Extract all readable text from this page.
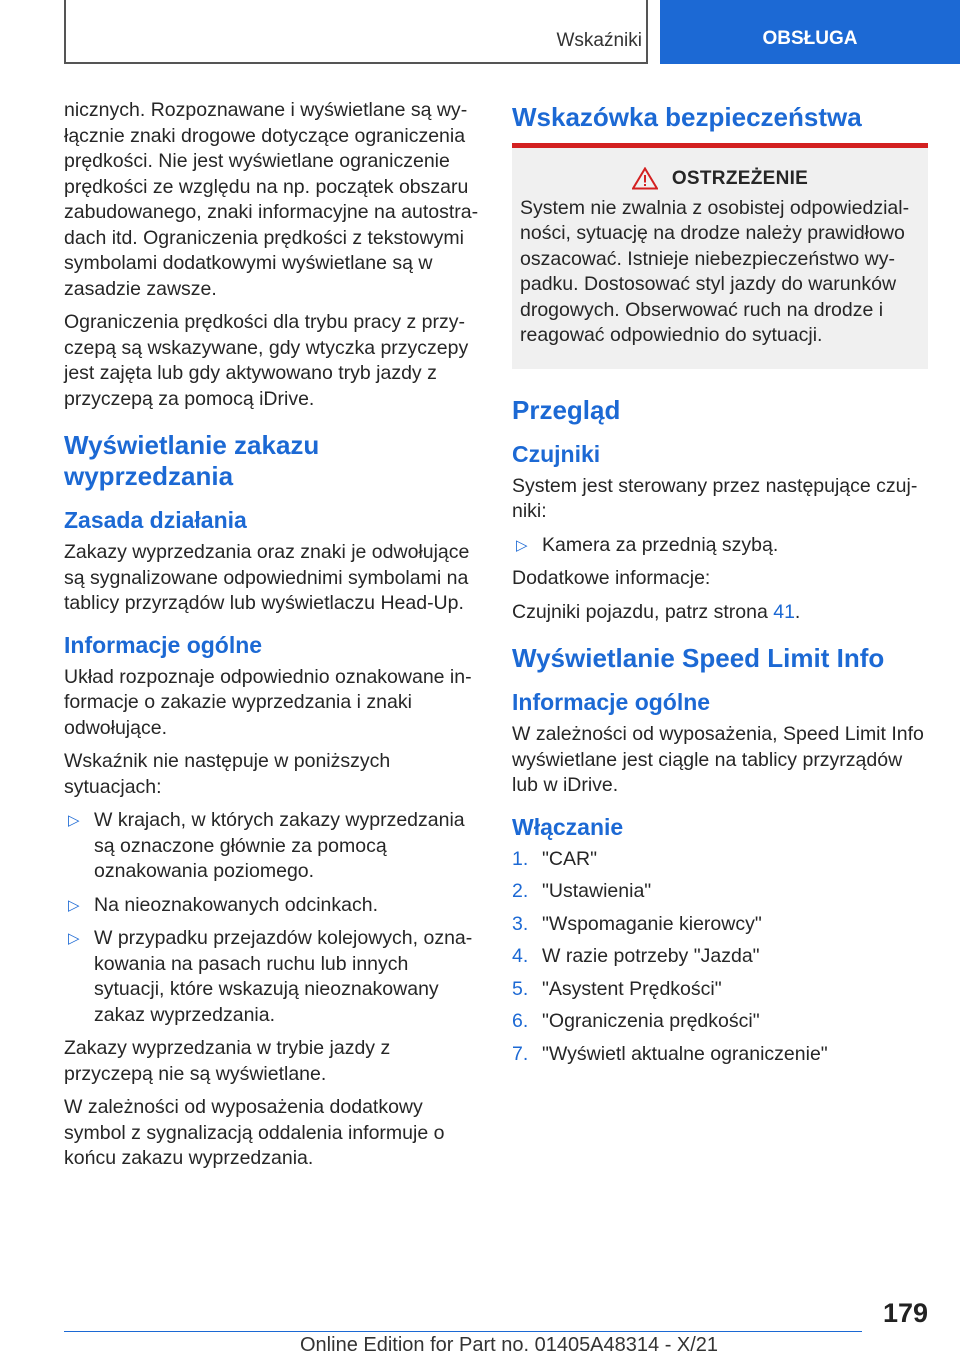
Wskaźniki	OBSŁUGA

nicznych. Rozpoznawane i wyświetlane są wyłącznie znaki drogowe dotyczące ograniczenia prędkości. Nie jest wyświetlane ograniczenie prędkości ze względu na np. początek obszaru zabudowanego, znaki informacyjne na autostradach itd. Ograniczenia prędkości z tekstowymi symbolami dodatkowymi wyświetlane są w zasadzie zawsze.

Ograniczenia prędkości dla trybu pracy z przyczepą są wskazywane, gdy wtyczka przyczepy jest zajęta lub gdy aktywowano tryb jazdy z przyczepą za pomocą iDrive.

Wyświetlanie zakazu wyprzedzania
Zasada działania

Zakazy wyprzedzania oraz znaki je odwołujące są sygnalizowane odpowiednimi symbolami na tablicy przyrządów lub wyświetlaczu Head-Up.

Informacje ogólne

Układ rozpoznaje odpowiednio oznakowane informacje o zakazie wyprzedzania i znaki odwołujące.

Wskaźnik nie następuje w poniższych sytuacjach:

▷ W krajach, w których zakazy wyprzedzania są oznaczone głównie za pomocą oznakowania poziomego.
▷ Na nieoznakowanych odcinkach.
▷ W przypadku przejazdów kolejowych, oznakowania na pasach ruchu lub innych sytuacji, które wskazują nieoznakowany zakaz wyprzedzania.

Zakazy wyprzedzania w trybie jazdy z przyczepą nie są wyświetlane.

W zależności od wyposażenia dodatkowy symbol z sygnalizacją oddalenia informuje o końcu zakazu wyprzedzania.

Wskazówka bezpieczeństwa
OSTRZEŻENIE
System nie zwalnia z osobistej odpowiedzialności, sytuację na drodze należy prawidłowo oszacować. Istnieje niebezpieczeństwo wypadku. Dostosować styl jazdy do warunków drogowych. Obserwować ruch na drodze i reagować odpowiednio do sytuacji.
Przegląd
Czujniki

System jest sterowany przez następujące czujniki:

▷ Kamera za przednią szybą.

Dodatkowe informacje:

Czujniki pojazdu, patrz strona 41.

Wyświetlanie Speed Limit Info
Informacje ogólne

W zależności od wyposażenia, Speed Limit Info wyświetlane jest ciągle na tablicy przyrządów lub w iDrive.

Włączanie
1. "CAR"
2. "Ustawienia"
3. "Wspomaganie kierowcy"
4. W razie potrzeby "Jazda"
5. "Asystent Prędkości"
6. "Ograniczenia prędkości"
7. "Wyświetl aktualne ograniczenie"
179
Online Edition for Part no. 01405A48314 - X/21
